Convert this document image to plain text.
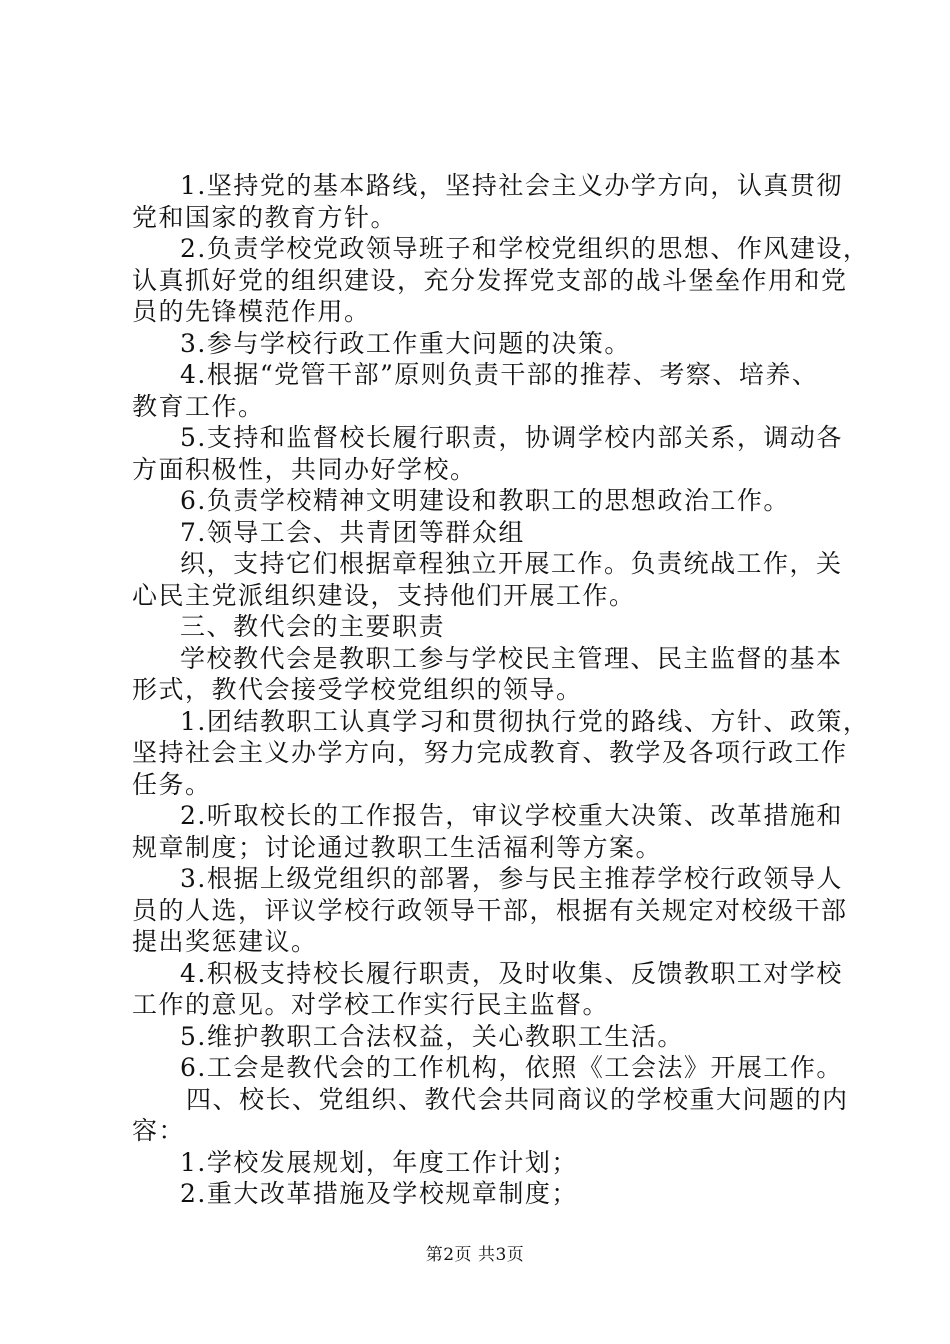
1.坚持党的基本路线，坚持社会主义办学方向，认真贯彻
党和国家的教育方针。
2.负责学校党政领导班子和学校党组织的思想、作风建设，
认真抓好党的组织建设，充分发挥党支部的战斗堡垒作用和党
员的先锋模范作用。
3.参与学校行政工作重大问题的决策。
4.根据“党管干部”原则负责干部的推荐、考察、培养、
教育工作。
5.支持和监督校长履行职责，协调学校内部关系，调动各
方面积极性，共同办好学校。
6.负责学校精神文明建设和教职工的思想政治工作。
7.领导工会、共青团等群众组
织，支持它们根据章程独立开展工作。负责统战工作，关
心民主党派组织建设，支持他们开展工作。
三、教代会的主要职责
学校教代会是教职工参与学校民主管理、民主监督的基本
形式，教代会接受学校党组织的领导。
1.团结教职工认真学习和贯彻执行党的路线、方针、政策，
坚持社会主义办学方向，努力完成教育、教学及各项行政工作
任务。
2.听取校长的工作报告，审议学校重大决策、改革措施和
规章制度；讨论通过教职工生活福利等方案。
3.根据上级党组织的部署，参与民主推荐学校行政领导人
员的人选，评议学校行政领导干部，根据有关规定对校级干部
提出奖惩建议。
4.积极支持校长履行职责，及时收集、反馈教职工对学校
工作的意见。对学校工作实行民主监督。
5.维护教职工合法权益，关心教职工生活。
6.工会是教代会的工作机构，依照《工会法》开展工作。
四、校长、党组织、教代会共同商议的学校重大问题的内
容：
1.学校发展规划，年度工作计划；
2.重大改革措施及学校规章制度；
第2页 共3页
